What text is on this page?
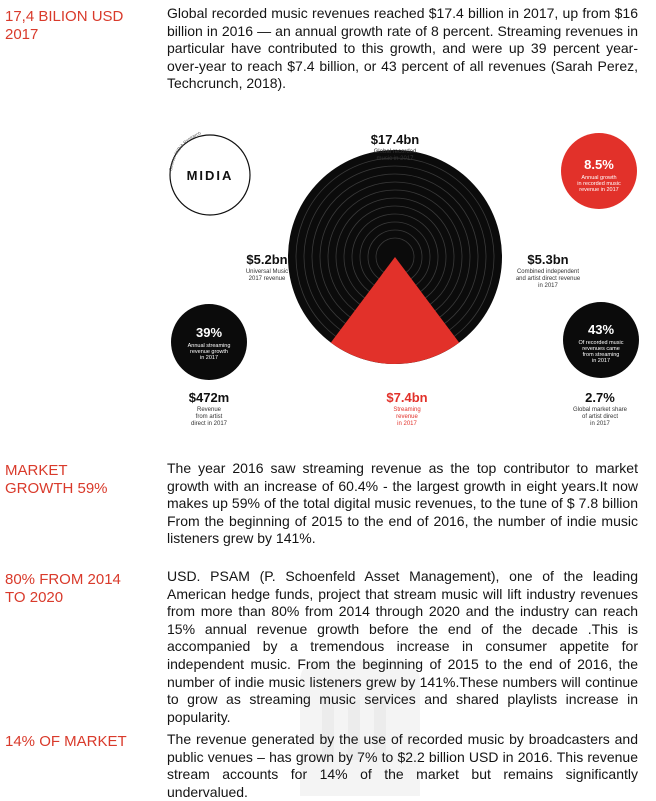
17,4 BILION USD
2017
Global recorded music revenues reached $17.4 billion in 2017, up from $16 billion in 2016 — an annual growth rate of 8 percent. Streaming revenues in particular have contributed to this growth, and were up 39 percent year-over-year to reach $7.4 billion, or 43 percent of all revenues (Sarah Perez, Techcrunch, 2018).
MIDIA
Source: MIDiA Research	$17.4bn
Global recorded
music in 2017	8.5%
Annual growth
in recorded music
revenue in 2017
$5.2bn
Universal Music
2017 revenue
$5.3bn
Combined independent
and artist direct revenue
in 2017
39%
Annual streaming
revenue growth
in 2017
43%
Of recorded music
revenues came
from streaming
in 2017
$472m
Revenue
from artist
direct in 2017
$7.4bn
Streaming
revenue
in 2017
2.7%
Global market share
of artist direct
in 2017
MARKET
GROWTH 59%
The year 2016 saw streaming revenue as the top contributor to market growth with an increase of 60.4% - the largest growth in eight years.It now makes up 59% of the total digital music revenues, to the tune of $ 7.8 billion From the beginning of 2015 to the end of 2016, the number of indie music listeners grew by 141%.
80% FROM 2014
TO 2020
USD. PSAM (P. Schoenfeld Asset Management), one of the leading American hedge funds, project that stream music will lift industry revenues from more than 80% from 2014 through 2020 and the industry can reach 15% annual revenue growth before the end of the decade .This is accompanied by a tremendous increase in consumer appetite for independent music. From the beginning of 2015 to the end of 2016, the number of indie music listeners grew by 141%.These numbers will continue to grow as streaming music services and shared playlists increase in popularity.
14% OF MARKET	The revenue generated by the use of recorded music by broadcasters and public venues – has grown by 7% to $2.2 billion USD in 2016. This revenue stream accounts for 14% of the market but remains significantly undervalued.
